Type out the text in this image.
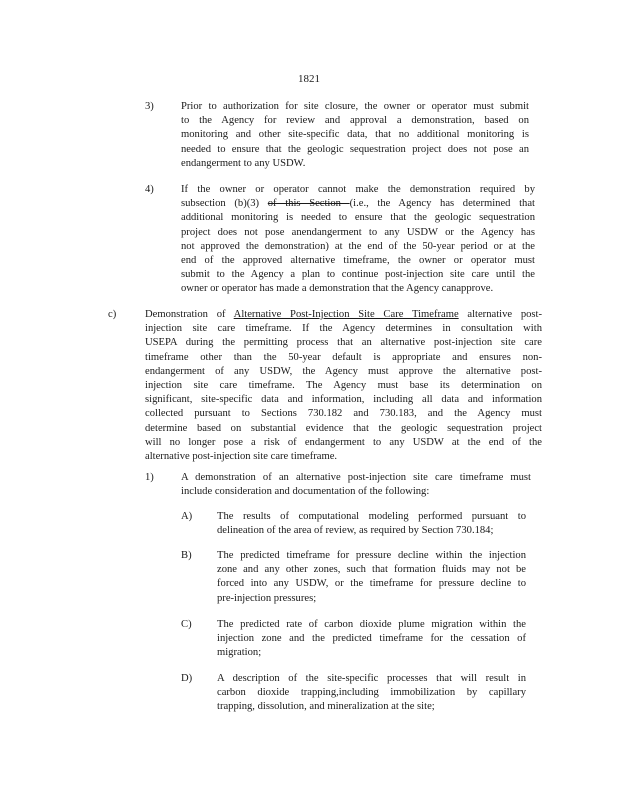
1821
3)	Prior to authorization for site closure, the owner or operator must submit
to the Agency for review and approval a demonstration, based on
monitoring and other site-specific data, that no additional monitoring is
needed to ensure that the geologic sequestration project does not pose an
endangerment to any USDW.
4)	If the owner or operator cannot make the demonstration required by
subsection (b)(3) of this Section (i.e., the Agency has determined that
additional monitoring is needed to ensure that the geologic sequestration
project does not pose anendangerment to any USDW or the Agency has
not approved the demonstration) at the end of the 50-year period or at the
end of the approved alternative timeframe, the owner or operator must
submit to the Agency a plan to continue post-injection site care until the
owner or operator has made a demonstration that the Agency canapprove.
c)	Demonstration of Alternative Post-Injection Site Care Timeframe alternative post-
injection site care timeframe. If the Agency determines in consultation with
USEPA during the permitting process that an alternative post-injection site care
timeframe other than the 50-year default is appropriate and ensures non-
endangerment of any USDW, the Agency must approve the alternative post-
injection site care timeframe. The Agency must base its determination on
significant, site-specific data and information, including all data and information
collected pursuant to Sections 730.182 and 730.183, and the Agency must
determine based on substantial evidence that the geologic sequestration project
will no longer pose a risk of endangerment to any USDW at the end of the
alternative post-injection site care timeframe.
1)	A demonstration of an alternative post-injection site care timeframe must
include consideration and documentation of the following:
A) The results of computational modeling performed pursuant to
delineation of the area of review, as required by Section 730.184;
B) The predicted timeframe for pressure decline within the injection
zone and any other zones, such that formation fluids may not be
forced into any USDW, or the timeframe for pressure decline to
pre-injection pressures;
C) The predicted rate of carbon dioxide plume migration within the
injection zone and the predicted timeframe for the cessation of
migration;
D) A description of the site-specific processes that will result in
carbon dioxide trapping,including immobilization by capillary
trapping, dissolution, and mineralization at the site;
